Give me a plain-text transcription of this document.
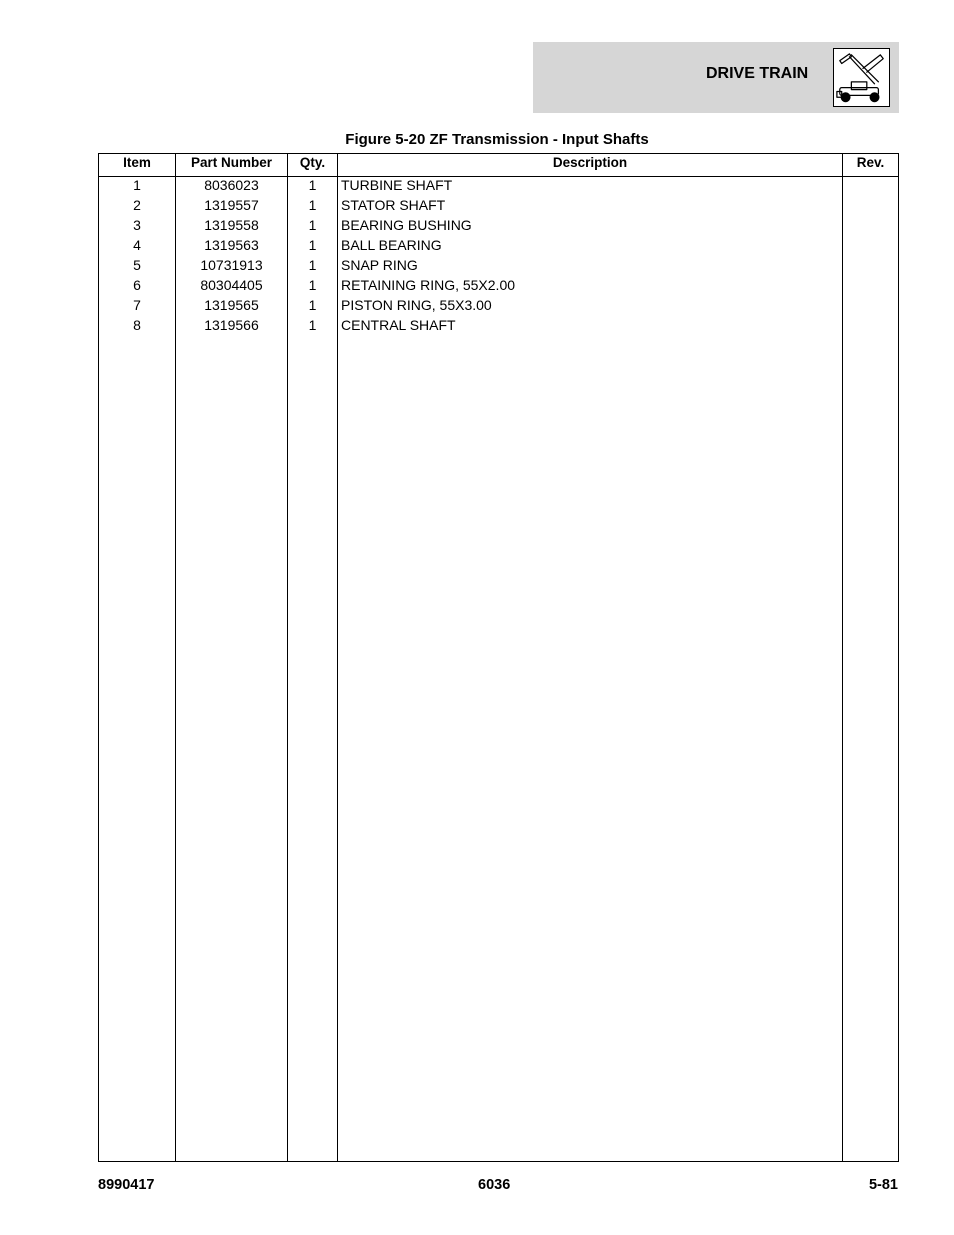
DRIVE TRAIN
Figure 5-20 ZF Transmission - Input Shafts
Item	Part Number	Qty.	Description	Rev.
1	8036023	1	TURBINE SHAFT
2	1319557	1	STATOR SHAFT
3	1319558	1	BEARING BUSHING
4	1319563	1	BALL BEARING
5	10731913	1	SNAP RING
6	80304405	1	RETAINING RING, 55X2.00
7	1319565	1	PISTON RING, 55X3.00
8	1319566	1	CENTRAL SHAFT
8990417	6036	5-81
